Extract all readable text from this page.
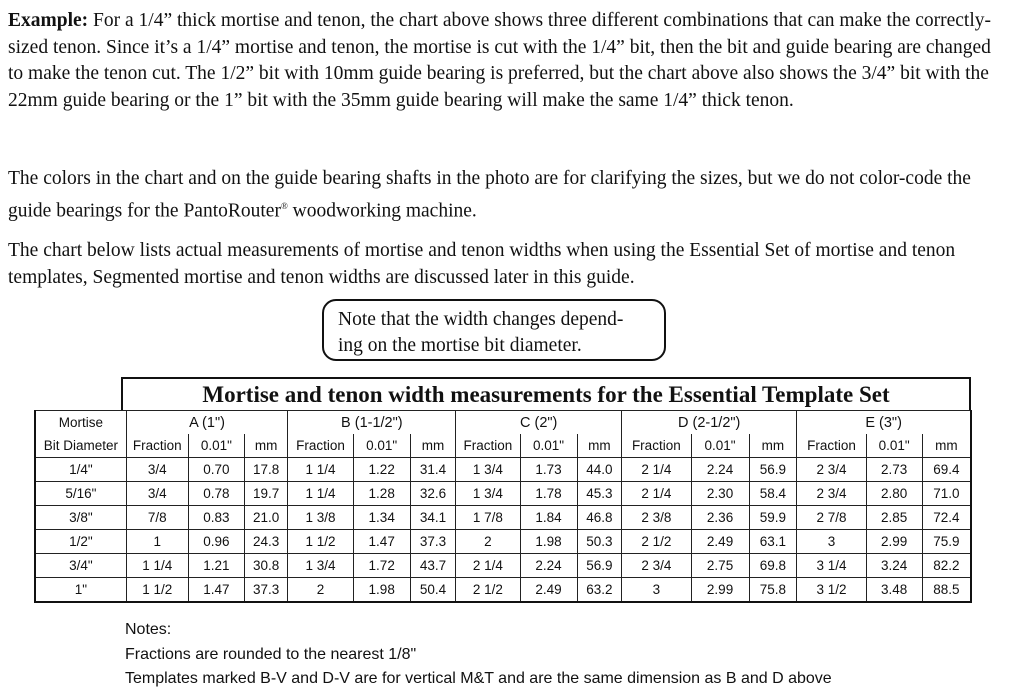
Example: For a 1/4” thick mortise and tenon, the chart above shows three different combinations that can make the correctly-sized tenon. Since it’s a 1/4” mortise and tenon, the mortise is cut with the 1/4” bit, then the bit and guide bearing are changed to make the tenon cut. The 1/2” bit with 10mm guide bearing is preferred, but the chart above also shows the 3/4” bit with the 22mm guide bearing or the 1” bit with the 35mm guide bearing will make the same 1/4” thick tenon.

The colors in the chart and on the guide bearing shafts in the photo are for clarifying the sizes, but we do not color-code the guide bearings for the PantoRouter® woodworking machine.

The chart below lists actual measurements of mortise and tenon widths when using the Essential Set of mortise and tenon templates, Segmented mortise and tenon widths are discussed later in this guide.

Note that the width changes depend-
ing on the mortise bit diameter.
Mortise and tenon width measurements for the Essential Template Set
Mortise	A (1")			B (1-1/2")			C (2")			D (2-1/2")			E (3")		
Bit Diameter	Fraction	0.01"	mm	Fraction	0.01"	mm	Fraction	0.01"	mm	Fraction	0.01"	mm	Fraction	0.01"	mm
1/4"	3/4	0.70	17.8	1 1/4	1.22	31.4	1 3/4	1.73	44.0	2 1/4	2.24	56.9	2 3/4	2.73	69.4
5/16"	3/4	0.78	19.7	1 1/4	1.28	32.6	1 3/4	1.78	45.3	2 1/4	2.30	58.4	2 3/4	2.80	71.0
3/8"	7/8	0.83	21.0	1 3/8	1.34	34.1	1 7/8	1.84	46.8	2 3/8	2.36	59.9	2 7/8	2.85	72.4
1/2"	1	0.96	24.3	1 1/2	1.47	37.3	2	1.98	50.3	2 1/2	2.49	63.1	3	2.99	75.9
3/4"	1 1/4	1.21	30.8	1 3/4	1.72	43.7	2 1/4	2.24	56.9	2 3/4	2.75	69.8	3 1/4	3.24	82.2
1"	1 1/2	1.47	37.3	2	1.98	50.4	2 1/2	2.49	63.2	3	2.99	75.8	3 1/2	3.48	88.5
Notes:
Fractions are rounded to the nearest 1/8"
Templates marked B-V and D-V are for vertical M&T and are the same dimension as B and D above
